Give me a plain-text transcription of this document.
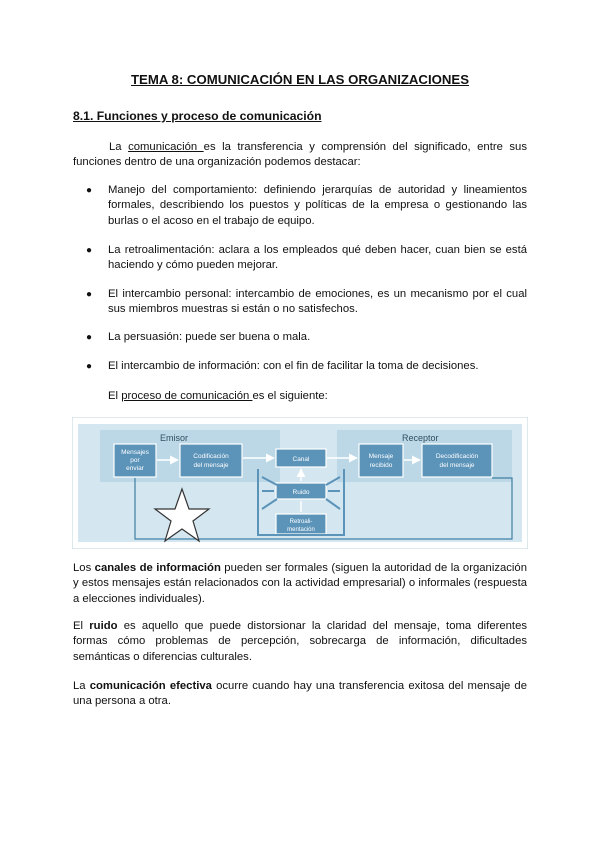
TEMA 8: COMUNICACIÓN EN LAS ORGANIZACIONES
8.1. Funciones y proceso de comunicación
La comunicación es la transferencia y comprensión del significado, entre sus funciones dentro de una organización podemos destacar:
● Manejo del comportamiento: definiendo jerarquías de autoridad y lineamientos formales, describiendo los puestos y políticas de la empresa o gestionando las burlas o el acoso en el trabajo de equipo.
● La retroalimentación: aclara a los empleados qué deben hacer, cuan bien se está haciendo y cómo pueden mejorar.
● El intercambio personal: intercambio de emociones, es un mecanismo por el cual sus miembros muestras si están o no satisfechos.
● La persuasión: puede ser buena o mala.
● El intercambio de información: con el fin de facilitar la toma de decisiones.
El proceso de comunicación es el siguiente:
Emisor	Receptor
Mensajes
por
enviar
Codificación
del mensaje
Canal
Ruido
Retroali-
mentación
Mensaje
recibido
Decodificación
del mensaje
Los canales de información pueden ser formales (siguen la autoridad de la organización y estos mensajes están relacionados con la actividad empresarial) o informales (respuesta a elecciones individuales).
El ruido es aquello que puede distorsionar la claridad del mensaje, toma diferentes formas cómo problemas de percepción, sobrecarga de información, dificultades semánticas o diferencias culturales.
La comunicación efectiva ocurre cuando hay una transferencia exitosa del mensaje de una persona a otra.
